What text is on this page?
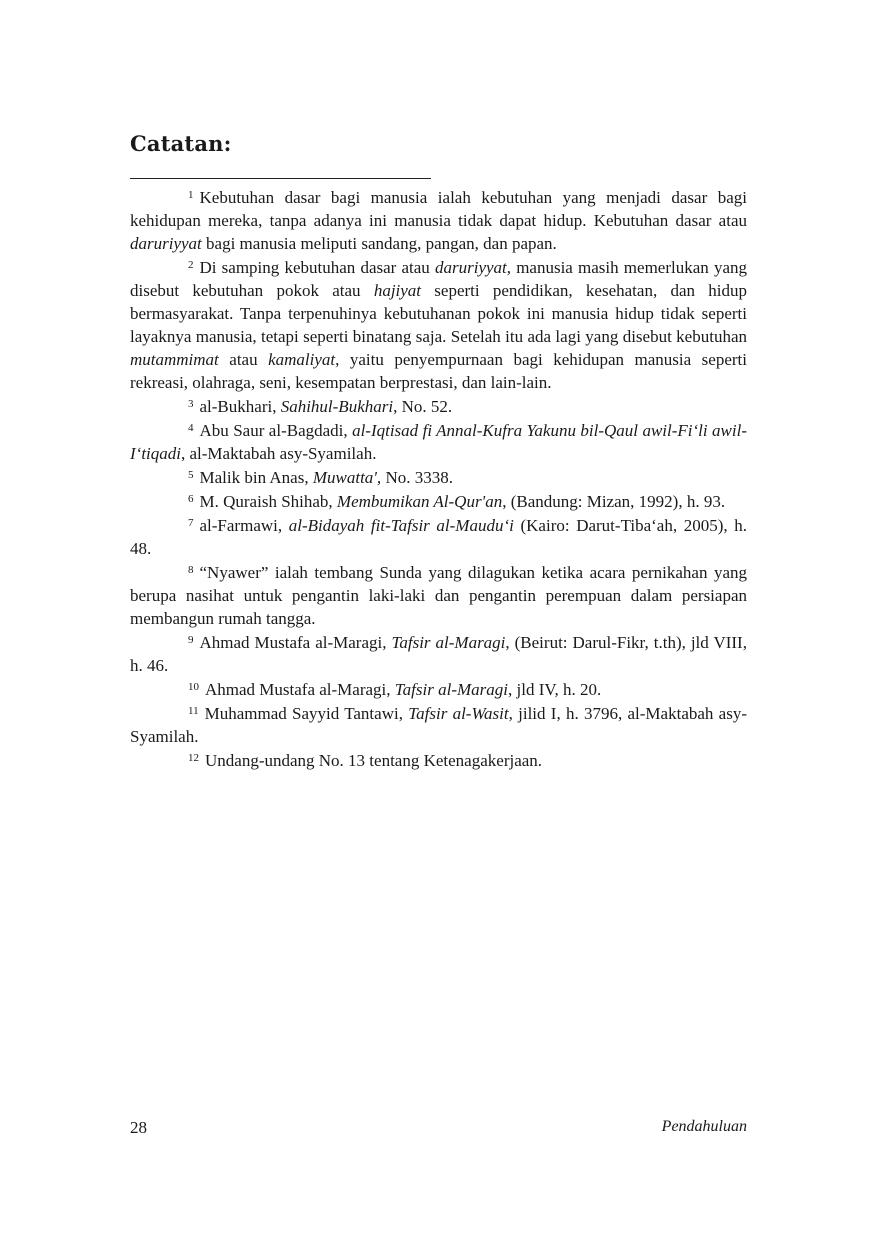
Catatan:

$^1$ Kebutuhan dasar bagi manusia ialah kebutuhan yang menjadi dasar bagi kehidupan mereka, tanpa adanya ini manusia tidak dapat hidup. Kebutuhan dasar atau daruriyyat bagi manusia meliputi sandang, pangan, dan papan.

$^2$ Di samping kebutuhan dasar atau daruriyyat, manusia masih memerlukan yang disebut kebutuhan pokok atau hajiyat seperti pendidikan, kesehatan, dan hidup bermasyarakat. Tanpa terpenuhinya kebutuhanan pokok ini manusia hidup tidak seperti layaknya manusia, tetapi seperti binatang saja. Setelah itu ada lagi yang disebut kebutuhan mutammimat atau kamaliyat, yaitu penyempurnaan bagi kehidupan manusia seperti rekreasi, olahraga, seni, kesempatan berprestasi, dan lain-lain.

$^3$ al-Bukhari, Sahihul-Bukhari, No. 52.

$^4$ Abu Saur al-Bagdadi, al-Iqtisad fi Annal-Kufra Yakunu bil-Qaul awil-Fi‘li awil-I‘tiqadi, al-Maktabah asy-Syamilah.

$^5$ Malik bin Anas, Muwatta', No. 3338.

$^6$ M. Quraish Shihab, Membumikan Al-Qur'an, (Bandung: Mizan, 1992), h. 93.

$^7$ al-Farmawi, al-Bidayah fit-Tafsir al-Maudu‘i (Kairo: Darut-Tiba‘ah, 2005), h. 48.

$^8$ “Nyawer” ialah tembang Sunda yang dilagukan ketika acara pernikahan yang berupa nasihat untuk pengantin laki-laki dan pengantin perempuan dalam persiapan membangun rumah tangga.

$^9$ Ahmad Mustafa al-Maragi, Tafsir al-Maragi, (Beirut: Darul-Fikr, t.th), jld VIII, h. 46.

$^{10}$ Ahmad Mustafa al-Maragi, Tafsir al-Maragi, jld IV, h. 20.

$^{11}$ Muhammad Sayyid Tantawi, Tafsir al-Wasit, jilid I, h. 3796, al-Maktabah asy-Syamilah.

$^{12}$ Undang-undang No. 13 tentang Ketenagakerjaan.

28	Pendahuluan
